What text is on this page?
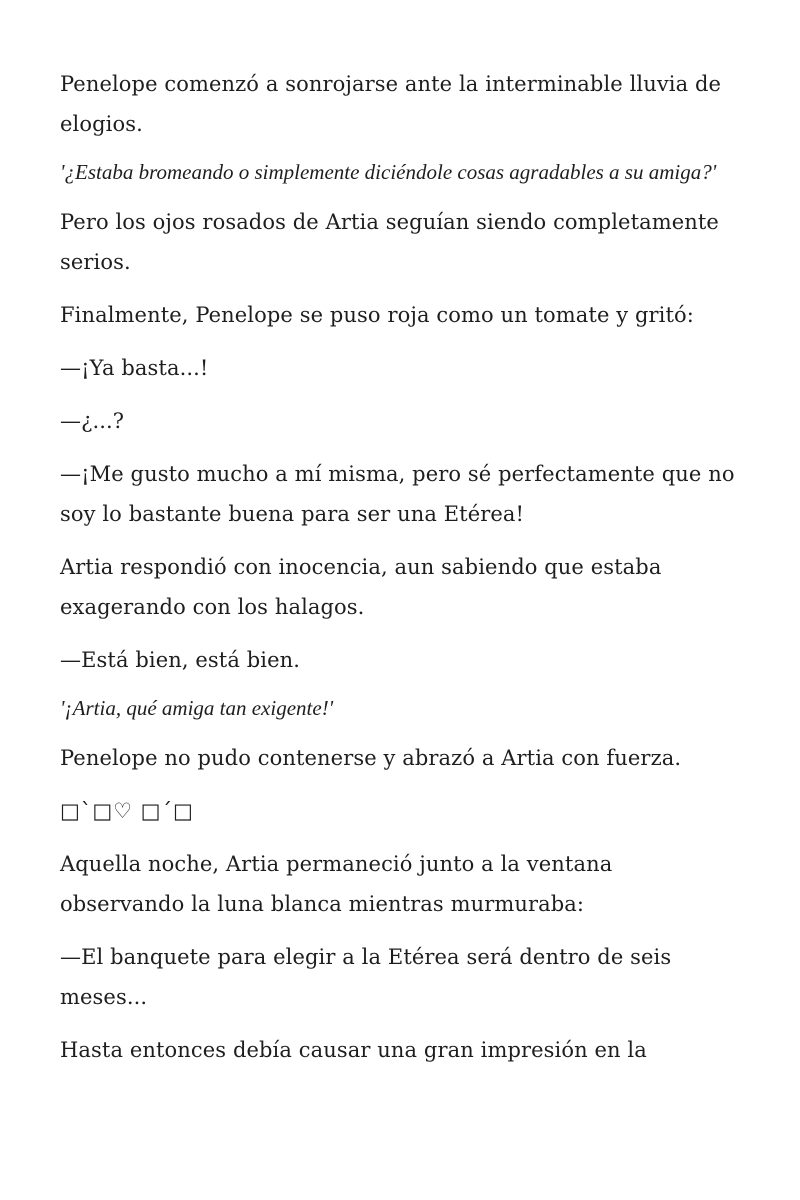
Penelope comenzó a sonrojarse ante la interminable lluvia de elogios.

'¿Estaba bromeando o simplemente diciéndole cosas agradables a su amiga?'

Pero los ojos rosados de Artia seguían siendo completamente serios.

Finalmente, Penelope se puso roja como un tomate y gritó:

—¡Ya basta...!

—¿...?

—¡Me gusto mucho a mí misma, pero sé perfectamente que no soy lo bastante buena para ser una Etérea!

Artia respondió con inocencia, aun sabiendo que estaba exagerando con los halagos.

—Está bien, está bien.

'¡Artia, qué amiga tan exigente!'

Penelope no pudo contenerse y abrazó a Artia con fuerza.

□`□♡ □´□

Aquella noche, Artia permaneció junto a la ventana observando la luna blanca mientras murmuraba:

—El banquete para elegir a la Etérea será dentro de seis meses...

Hasta entonces debía causar una gran impresión en la
